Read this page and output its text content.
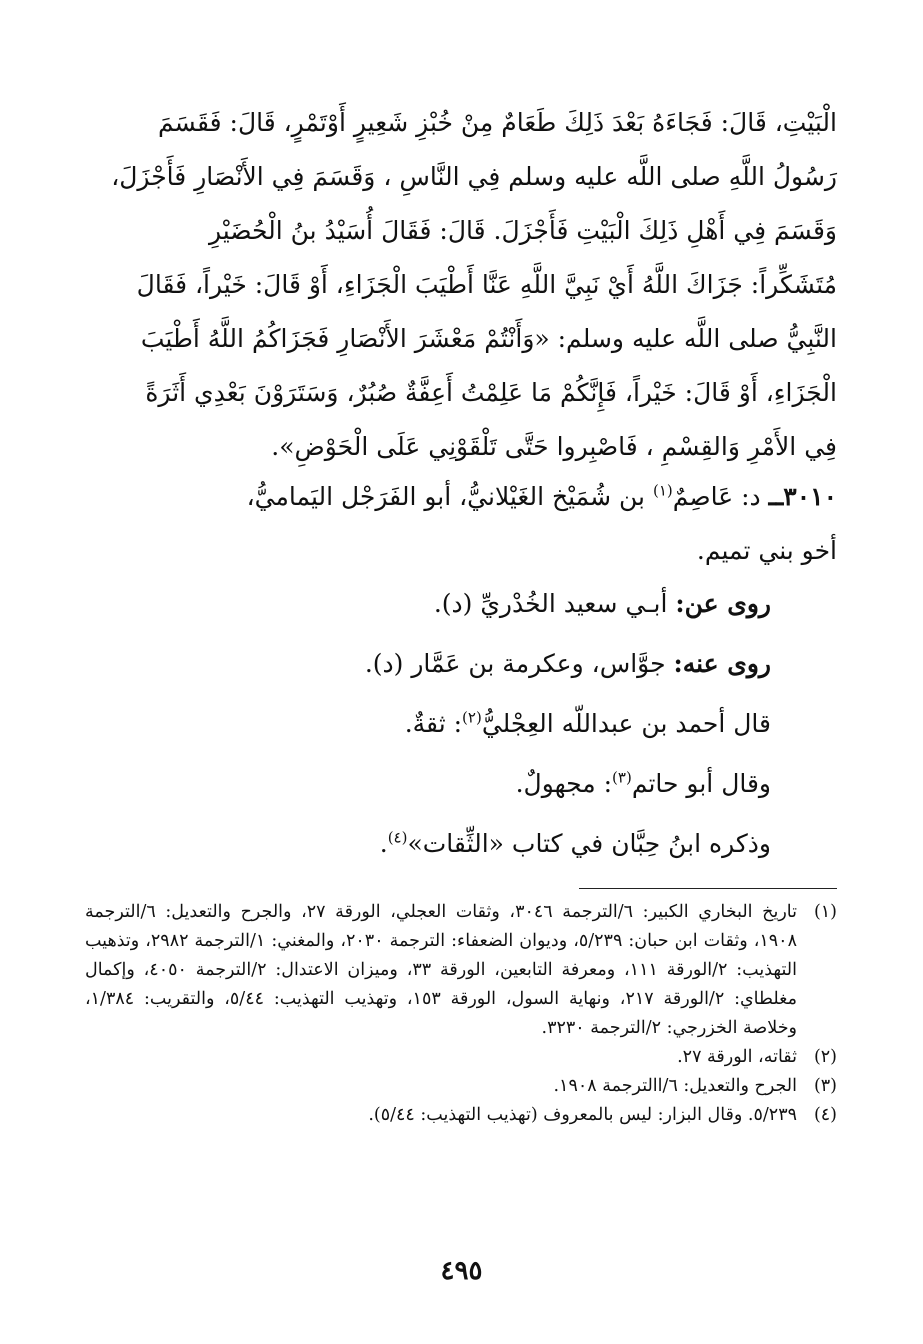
الْبَيْتِ، قَالَ: فَجَاءَهُ بَعْدَ ذَلِكَ طَعَامٌ مِنْ خُبْزِ شَعِيرٍ أَوْتَمْرٍ، قَالَ: فَقَسَمَ

رَسُولُ اللَّهِ صلى اللَّه عليه وسلم فِي النَّاسِ ، وَقَسَمَ فِي الأَنْصَارِ فَأَجْزَلَ،

وَقَسَمَ فِي أَهْلِ ذَلِكَ الْبَيْتِ فَأَجْزَلَ. قَالَ: فَقَالَ أُسَيْدُ بنُ الْحُضَيْرِ

مُتَشَكِّراً: جَزَاكَ اللَّهُ أَيْ نَبِيَّ اللَّهِ عَنَّا أَطْيَبَ الْجَزَاءِ، أَوْ قَالَ: خَيْراً، فَقَالَ

النَّبِيُّ صلى اللَّه عليه وسلم: «وَأَنْتُمْ مَعْشَرَ الأَنْصَارِ فَجَزَاكُمُ اللَّهُ أَطْيَبَ

الْجَزَاءِ، أَوْ قَالَ: خَيْراً، فَإِنَّكُمْ مَا عَلِمْتُ أَعِفَّةٌ صُبُرٌ، وَسَتَرَوْنَ بَعْدِي أَثَرَةً

فِي الأَمْرِ وَالقِسْمِ ، فَاصْبِروا حَتَّى تَلْقَوْنِي عَلَى الْحَوْضِ».

٣٠١٠ــ د: عَاصِمٌ$^{(١)}$ بن شُمَيْخ الغَيْلانيُّ، أبو الفَرَجْل اليَماميُّ،

أخو بني تميم.

روى عن: أبـي سعيد الخُدْريِّ (د).
روى عنه: جوَّاس، وعكرمة بن عَمَّار (د).
قال أحمد بن عبداللّه العِجْليُّ$^{(٢)}$: ثقةٌ.
وقال أبو حاتم$^{(٣)}$: مجهولٌ.
وذكره ابنُ حِبَّان في كتاب «الثِّقات»$^{(٤)}$.
(١)
تاريخ البخاري الكبير: ٦/الترجمة ٣٠٤٦، وثقات العجلي، الورقة ٢٧، والجرح والتعديل: ٦/الترجمة ١٩٠٨، وثقات ابن حبان: ٥/٢٣٩، وديوان الضعفاء: الترجمة ٢٠٣٠، والمغني: ١/الترجمة ٢٩٨٢، وتذهيب التهذيب: ٢/الورقة ١١١، ومعرفة التابعين، الورقة ٣٣، وميزان الاعتدال: ٢/الترجمة ٤٠٥٠، وإكمال مغلطاي: ٢/الورقة ٢١٧، ونهاية السول، الورقة ١٥٣، وتهذيب التهذيب: ٥/٤٤، والتقريب: ١/٣٨٤، وخلاصة الخزرجي: ٢/الترجمة ٣٢٣٠.
(٢)
ثقاته، الورقة ٢٧.
(٣)
الجرح والتعديل: ٦/االترجمة ١٩٠٨.
(٤)
٥/٢٣٩. وقال البزار: ليس بالمعروف (تهذيب التهذيب: ٥/٤٤).
٤٩٥
